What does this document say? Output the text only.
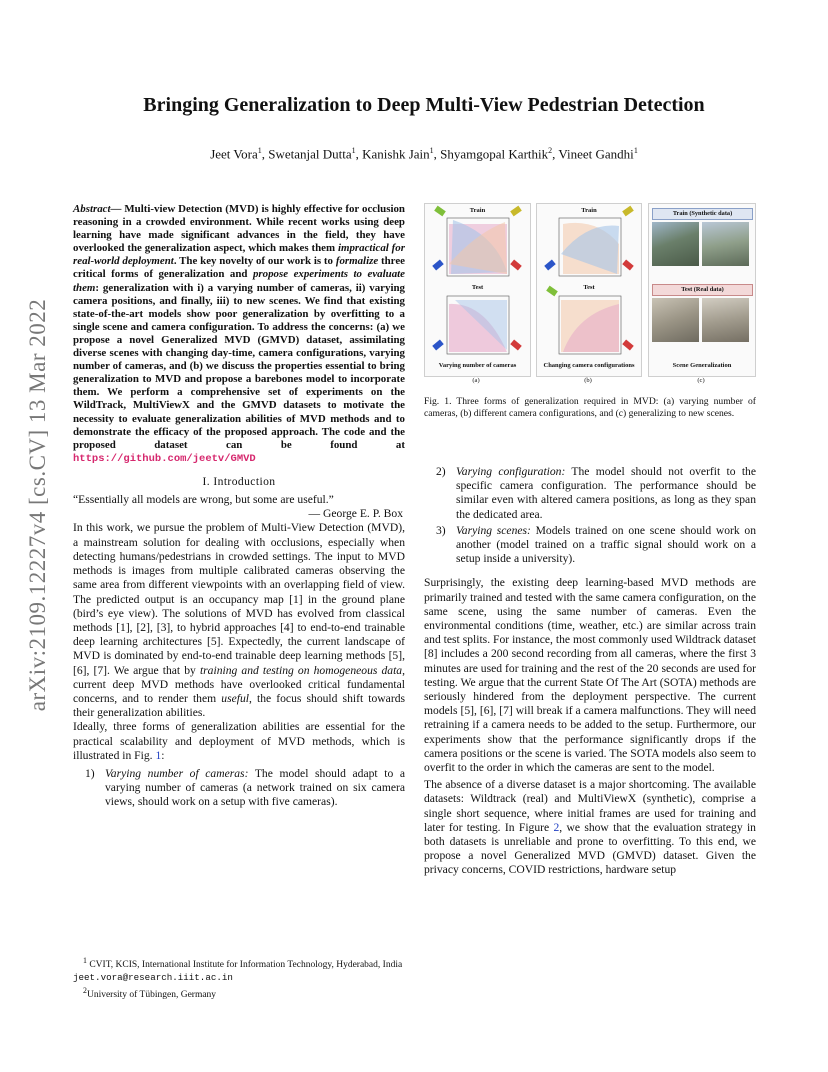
arXiv:2109.12227v4 [cs.CV] 13 Mar 2022
Bringing Generalization to Deep Multi-View Pedestrian Detection
Jeet Vora$^1$, Swetanjal Dutta$^1$, Kanishk Jain$^1$, Shyamgopal Karthik$^2$, Vineet Gandhi$^1$

Abstract— Multi-view Detection (MVD) is highly effective for occlusion reasoning in a crowded environment. While recent works using deep learning have made significant advances in the field, they have overlooked the generalization aspect, which makes them impractical for real-world deployment. The key novelty of our work is to formalize three critical forms of generalization and propose experiments to evaluate them: generalization with i) a varying number of cameras, ii) varying camera positions, and finally, iii) to new scenes. We find that existing state-of-the-art models show poor generalization by overfitting to a single scene and camera configuration. To address the concerns: (a) we propose a novel Generalized MVD (GMVD) dataset, assimilating diverse scenes with changing day-time, camera configurations, varying number of cameras, and (b) we discuss the properties essential to bring generalization to MVD and propose a barebones model to incorporate them. We perform a comprehensive set of experiments on the WildTrack, MultiViewX and the GMVD datasets to motivate the necessity to evaluate generalization abilities of MVD methods and to demonstrate the efficacy of the proposed approach. The code and the proposed dataset can be found at https://github.com/jeetv/GMVD

I. Introduction

“Essentially all models are wrong, but some are useful.”

— George E. P. Box

In this work, we pursue the problem of Multi-View Detection (MVD), a mainstream solution for dealing with occlusions, especially when detecting humans/pedestrians in crowded settings. The input to MVD methods is images from multiple calibrated cameras observing the same area from different viewpoints with an overlapping field of view. The predicted output is an occupancy map [1] in the ground plane (bird’s eye view). The solutions of MVD has evolved from classical methods [1], [2], [3], to hybrid approaches [4] to end-to-end trainable deep learning architectures [5]. Expectedly, the current landscape of MVD is dominated by end-to-end trainable deep learning methods [5], [6], [7]. We argue that by training and testing on homogeneous data, current deep MVD methods have overlooked critical fundamental concerns, and to render them useful, the focus should shift towards their generalization abilities.

Ideally, three forms of generalization abilities are essential for the practical scalability and deployment of MVD methods, which is illustrated in Fig. 1:

1) Varying number of cameras: The model should adapt to a varying number of cameras (a network trained on six camera views, should work on a setup with five cameras).
$^1$ CVIT, KCIS, International Institute for Information Technology, Hyderabad, India jeet.vora@research.iiit.ac.in
$^2$University of Tübingen, Germany
Train
Test
Varying number of cameras
(a)
Train
Test
Changing camera configurations
(b)
Train (Synthetic data)
Test (Real data)
Scene Generalization
(c)
Fig. 1. Three forms of generalization required in MVD: (a) varying number of cameras, (b) different camera configurations, and (c) generalizing to new scenes.
2) Varying configuration: The model should not overfit to the specific camera configuration. The performance should be similar even with altered camera positions, as long as they span the dedicated area.
3) Varying scenes: Models trained on one scene should work on another (model trained on a traffic signal should work on a setup inside a university).

Surprisingly, the existing deep learning-based MVD methods are primarily trained and tested with the same camera configuration, on the same scene, using the same number of cameras. Even the environmental conditions (time, weather, etc.) are similar across train and test splits. For instance, the most commonly used Wildtrack dataset [8] includes a 200 second recording from all cameras, where the first 3 minutes are used for training and the rest of the 20 seconds are used for testing. We argue that the current State Of The Art (SOTA) methods are seriously hindered from the deployment perspective. The current models [5], [6], [7] will break if a camera malfunctions. They will need retraining if a camera needs to be added to the setup. Furthermore, our experiments show that the performance significantly drops if the camera positions or the scene is varied. The SOTA models also seem to overfit to the order in which the cameras are sent to the model.

The absence of a diverse dataset is a major shortcoming. The available datasets: Wildtrack (real) and MultiViewX (synthetic), comprise a single short sequence, where initial frames are used for training and later for testing. In Figure 2, we show that the evaluation strategy in both datasets is unreliable and prone to overfitting. To this end, we propose a novel Generalized MVD (GMVD) dataset. Given the privacy concerns, COVID restrictions, hardware setup
